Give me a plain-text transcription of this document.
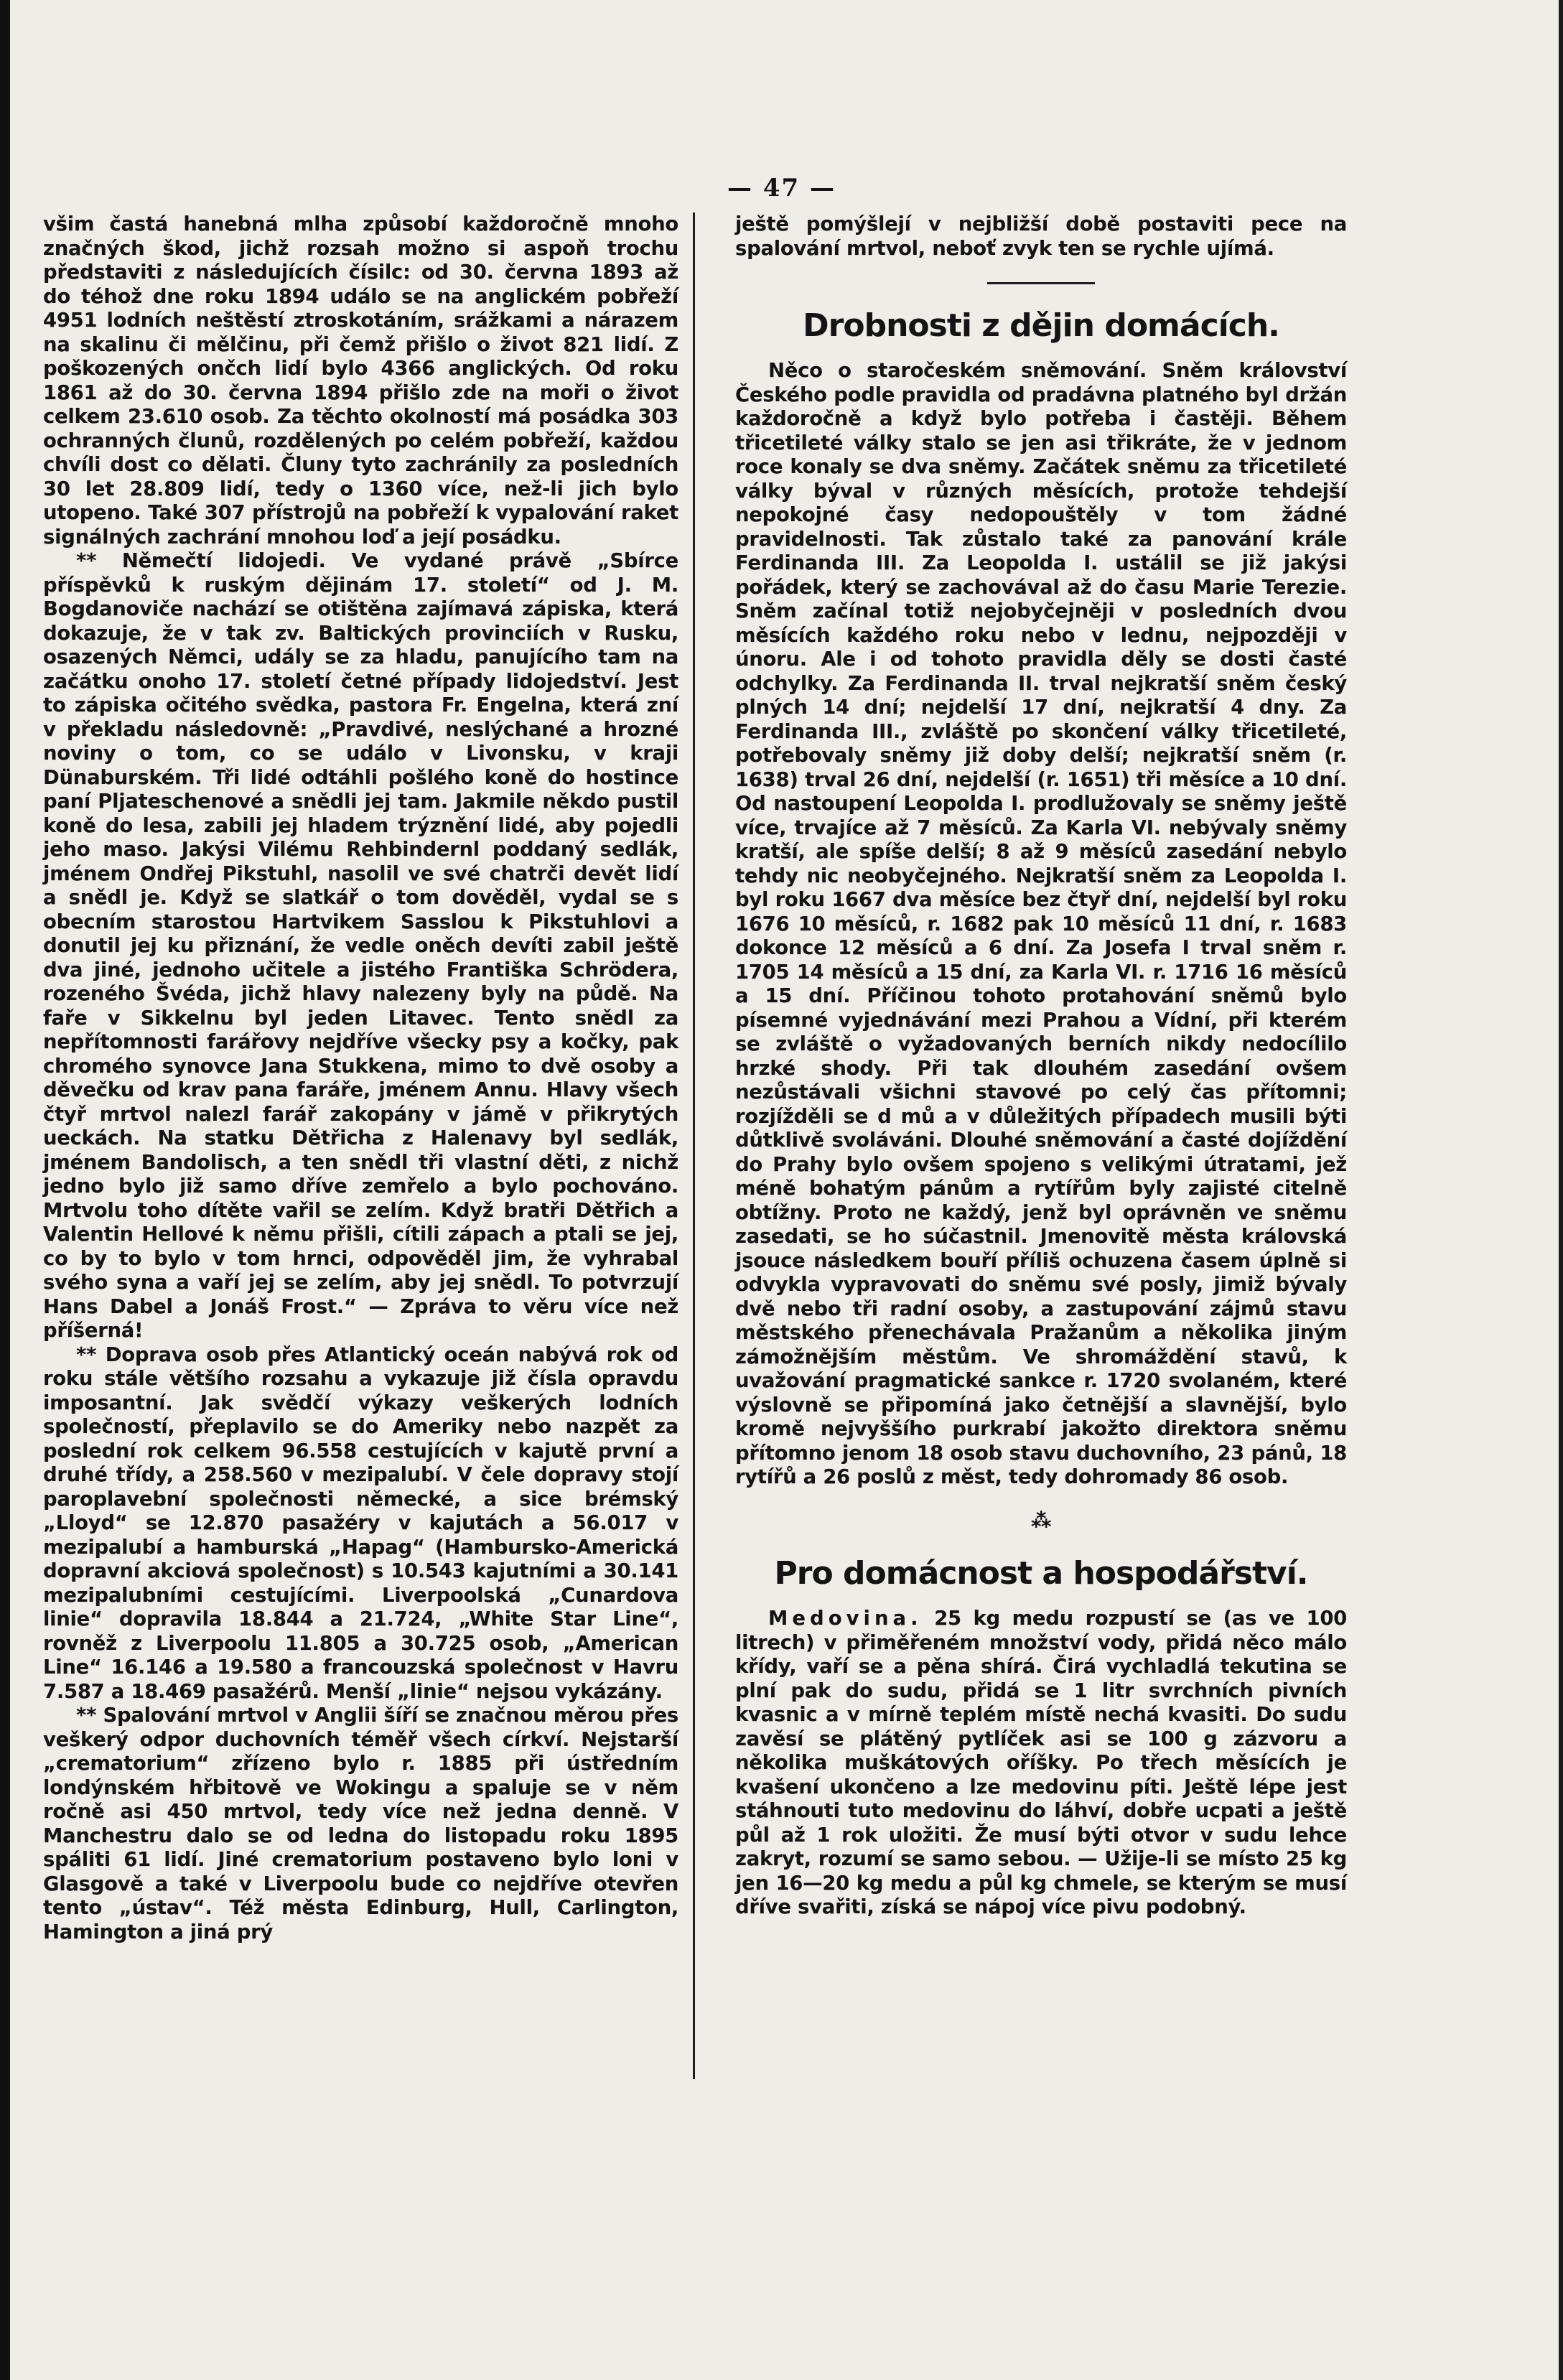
— 47 —

všim častá hanebná mlha způsobí každoročně mnoho značných škod, jichž rozsah možno si aspoň trochu představiti z následujících čísilc: od 30. června 1893 až do téhož dne roku 1894 událo se na anglickém pobřeží 4951 lodních neštěstí ztroskotáním, srážkami a nárazem na skalinu či mělčinu, při čemž přišlo o život 821 lidí. Z poškozených ončch lidí bylo 4366 anglických. Od roku 1861 až do 30. června 1894 přišlo zde na moři o život celkem 23.610 osob. Za těchto okolností má posádka 303 ochranných člunů, rozdělených po celém pobřeží, každou chvíli dost co dělati. Čluny tyto zachránily za posledních 30 let 28.809 lidí, tedy o 1360 více, než-li jich bylo utopeno. Také 307 přístrojů na pobřeží k vypalování raket signálných zachrání mnohou loď a její posádku.

** Němečtí lidojedi. Ve vydané právě „Sbírce příspěvků k ruským dějinám 17. století“ od J. M. Bogdanoviče nachází se otištěna zajímavá zápiska, která dokazuje, že v tak zv. Baltických provinciích v Rusku, osazených Němci, udály se za hladu, panujícího tam na začátku onoho 17. století četné případy lidojedství. Jest to zápiska očitého svědka, pastora Fr. Engelna, která zní v překladu následovně: „Pravdivé, neslýchané a hrozné noviny o tom, co se událo v Livonsku, v kraji Dünaburském. Tři lidé odtáhli pošlého koně do hostince paní Pljateschenové a snědli jej tam. Jakmile někdo pustil koně do lesa, zabili jej hladem trýznění lidé, aby pojedli jeho maso. Jakýsi Vilému Rehbindernl poddaný sedlák, jménem Ondřej Pikstuhl, nasolil ve své chatrči devět lidí a snědl je. Když se slatkář o tom dověděl, vydal se s obecním starostou Hartvikem Sasslou k Pikstuhlovi a donutil jej ku přiznání, že vedle oněch devíti zabil ještě dva jiné, jednoho učitele a jistého Františka Schrödera, rozeného Švéda, jichž hlavy nalezeny byly na půdě. Na faře v Sikkelnu byl jeden Litavec. Tento snědl za nepřítomnosti farářovy nejdříve všecky psy a kočky, pak chromého synovce Jana Stukkena, mimo to dvě osoby a děvečku od krav pana faráře, jménem Annu. Hlavy všech čtyř mrtvol nalezl farář zakopány v jámě v přikrytých ueckách. Na statku Dětřicha z Halenavy byl sedlák, jménem Bandolisch, a ten snědl tři vlastní děti, z nichž jedno bylo již samo dříve zemřelo a bylo pochováno. Mrtvolu toho dítěte vařil se zelím. Když bratři Dětřich a Valentin Hellové k němu přišli, cítili zápach a ptali se jej, co by to bylo v tom hrnci, odpověděl jim, že vyhrabal svého syna a vaří jej se zelím, aby jej snědl. To potvrzují Hans Dabel a Jonáš Frost.“ — Zpráva to věru více než příšerná!

** Doprava osob přes Atlantický oceán nabývá rok od roku stále většího rozsahu a vykazuje již čísla opravdu imposantní. Jak svědčí výkazy veškerých lodních společností, přeplavilo se do Ameriky nebo nazpět za poslední rok celkem 96.558 cestujících v kajutě první a druhé třídy, a 258.560 v mezipalubí. V čele dopravy stojí paroplavební společnosti německé, a sice brémský „Lloyd“ se 12.870 pasažéry v kajutách a 56.017 v mezipalubí a hamburská „Hapag“ (Hambursko-Americká dopravní akciová společnost) s 10.543 kajutními a 30.141 mezipalubními cestujícími. Liverpoolská „Cunardova linie“ dopravila 18.844 a 21.724, „White Star Line“, rovněž z Liverpoolu 11.805 a 30.725 osob, „American Line“ 16.146 a 19.580 a francouzská společnost v Havru 7.587 a 18.469 pasažérů. Menší „linie“ nejsou vykázány.

** Spalování mrtvol v Anglii šíří se značnou měrou přes veškerý odpor duchovních téměř všech církví. Nejstarší „crematorium“ zřízeno bylo r. 1885 při ústředním londýnském hřbitově ve Wokingu a spaluje se v něm ročně asi 450 mrtvol, tedy více než jedna denně. V Manchestru dalo se od ledna do listopadu roku 1895 spáliti 61 lidí. Jiné crematorium postaveno bylo loni v Glasgově a také v Liverpoolu bude co nejdříve otevřen tento „ústav“. Též města Edinburg, Hull, Carlington, Hamington a jiná prý

ještě pomýšlejí v nejbližší době postaviti pece na spalování mrtvol, neboť zvyk ten se rychle ujímá.

Drobnosti z dějin domácích.

Něco o staročeském sněmování. Sněm království Českého podle pravidla od pradávna platného byl držán každoročně a když bylo potřeba i častěji. Během třicetileté války stalo se jen asi třikráte, že v jednom roce konaly se dva sněmy. Začátek sněmu za třicetileté války býval v různých měsících, protože tehdejší nepokojné časy nedopouštěly v tom žádné pravidelnosti. Tak zůstalo také za panování krále Ferdinanda III. Za Leopolda I. ustálil se již jakýsi pořádek, který se zachovával až do času Marie Terezie. Sněm začínal totiž nejobyčejněji v posledních dvou měsících každého roku nebo v lednu, nejpozději v únoru. Ale i od tohoto pravidla děly se dosti časté odchylky. Za Ferdinanda II. trval nejkratší sněm český plných 14 dní; nejdelší 17 dní, nejkratší 4 dny. Za Ferdinanda III., zvláště po skončení války třicetileté, potřebovaly sněmy již doby delší; nejkratší sněm (r. 1638) trval 26 dní, nejdelší (r. 1651) tři měsíce a 10 dní. Od nastoupení Leopolda I. prodlužovaly se sněmy ještě více, trvajíce až 7 měsíců. Za Karla VI. nebývaly sněmy kratší, ale spíše delší; 8 až 9 měsíců zasedání nebylo tehdy nic neobyčejného. Nejkratší sněm za Leopolda I. byl roku 1667 dva měsíce bez čtyř dní, nejdelší byl roku 1676 10 měsíců, r. 1682 pak 10 měsíců 11 dní, r. 1683 dokonce 12 měsíců a 6 dní. Za Josefa I trval sněm r. 1705 14 měsíců a 15 dní, za Karla VI. r. 1716 16 měsíců a 15 dní. Příčinou tohoto protahování sněmů bylo písemné vyjednávání mezi Prahou a Vídní, při kterém se zvláště o vyžadovaných berních nikdy nedocílilo hrzké shody. Při tak dlouhém zasedání ovšem nezůstávali všichni stavové po celý čas přítomni; rozjížděli se d mů a v důležitých případech musili býti důtklivě svoláváni. Dlouhé sněmování a časté dojíždění do Prahy bylo ovšem spojeno s velikými útratami, jež méně bohatým pánům a rytířům byly zajisté citelně obtížny. Proto ne každý, jenž byl oprávněn ve sněmu zasedati, se ho súčastnil. Jmenovitě města královská jsouce následkem bouří příliš ochuzena časem úplně si odvykla vypravovati do sněmu své posly, jimiž bývaly dvě nebo tři radní osoby, a zastupování zájmů stavu městského přenechávala Pražanům a několika jiným zámožnějším městům. Ve shromáždění stavů, k uvažování pragmatické sankce r. 1720 svolaném, které výslovně se připomíná jako četnější a slavnější, bylo kromě nejvyššího purkrabí jakožto direktora sněmu přítomno jenom 18 osob stavu duchovního, 23 pánů, 18 rytířů a 26 poslů z měst, tedy dohromady 86 osob.

⁂
Pro domácnost a hospodářství.

Medovina. 25 kg medu rozpustí se (as ve 100 litrech) v přiměřeném množství vody, přidá něco málo křídy, vaří se a pěna shírá. Čirá vychladlá tekutina se plní pak do sudu, přidá se 1 litr svrchních pivních kvasnic a v mírně teplém místě nechá kvasiti. Do sudu zavěsí se plátěný pytlíček asi se 100 g zázvoru a několika muškátových oříšky. Po třech měsících je kvašení ukončeno a lze medovinu píti. Ještě lépe jest stáhnouti tuto medovinu do láhví, dobře ucpati a ještě půl až 1 rok uložiti. Že musí býti otvor v sudu lehce zakryt, rozumí se samo sebou. — Užije-li se místo 25 kg jen 16—20 kg medu a půl kg chmele, se kterým se musí dříve svařiti, získá se nápoj více pivu podobný.
